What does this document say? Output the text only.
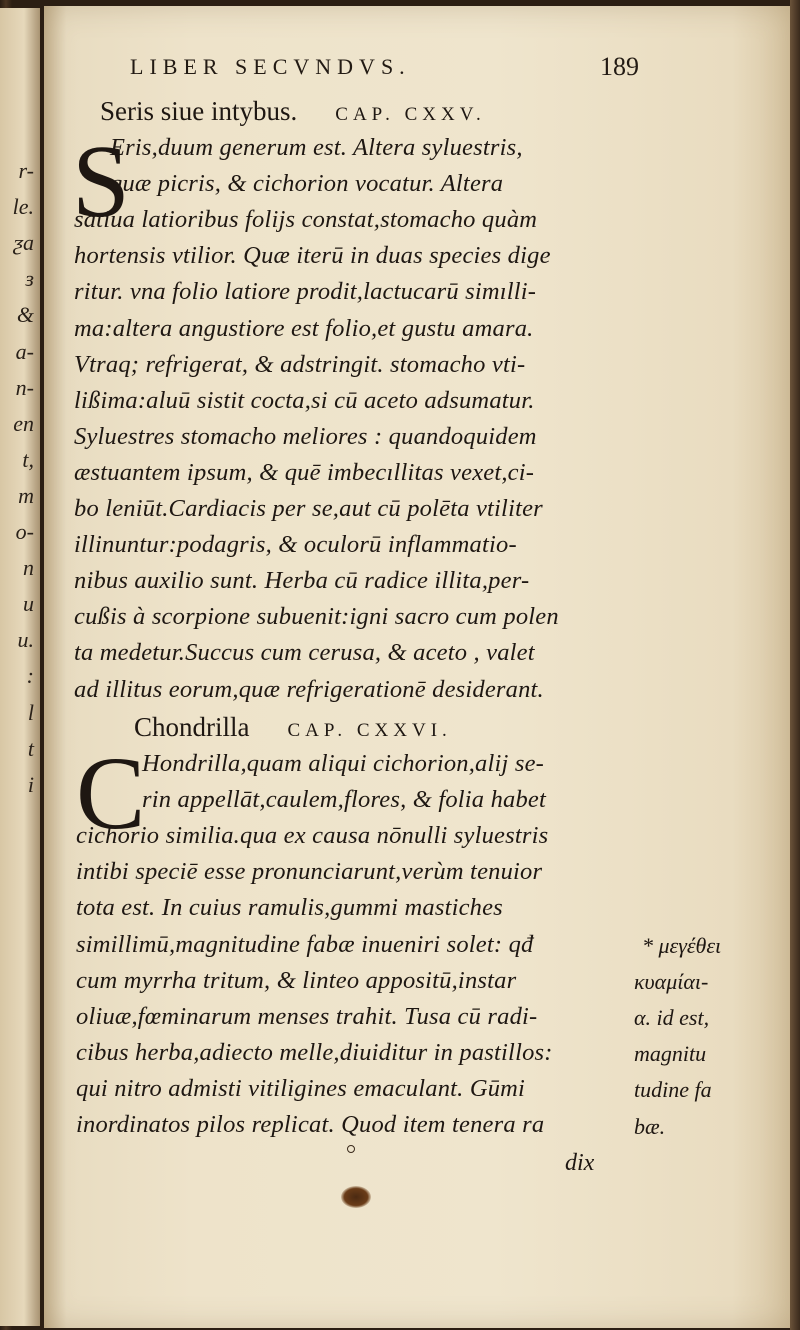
r-
le.
ƺa
ɜ
&
a-
n-
en
t,
m
o-
n
u
u.
:
l
t
i
LIBER SECVNDVS.	189
Seris siue intybus. CAP. CXXV.
S
Eris,duum generum est. Altera syluestris,
quæ picris, & cichorion vocatur. Altera
satiua latioribus folijs constat,stomacho quàm
hortensis vtilior. Quæ iterū in duas species dige
ritur. vna folio latiore prodit,lactucarū simılli-
ma:altera angustiore est folio,et gustu amara.
Vtraq; refrigerat, & adstringit. stomacho vti-
lißima:aluū sistit cocta,si cū aceto adsumatur.
Syluestres stomacho meliores : quandoquidem
æstuantem ipsum, & quē imbecıllitas vexet,ci-
bo leniūt.Cardiacis per se,aut cū polēta vtiliter
illinuntur:podagris, & oculorū inflammatio-
nibus auxilio sunt. Herba cū radice illita,per-
cußis à scorpione subuenit:igni sacro cum polen
ta medetur.Succus cum cerusa, & aceto , valet
ad illitus eorum,quæ refrigerationē desiderant.
Chondrilla CAP. CXXVI.
C
Hondrilla,quam aliqui cichorion,alij se-
rin appellāt,caulem,flores, & folia habet
cichorio similia.qua ex causa nōnulli syluestris
intibi speciē esse pronunciarunt,verùm tenuior
tota est. In cuius ramulis,gummi mastiches
simillimū,magnitudine fabæ inueniri solet: qđ
cum myrrha tritum, & linteo appositū,instar
oliuæ,fœminarum menses trahit. Tusa cū radi-
cibus herba,adiecto melle,diuiditur in pastillos:
qui nitro admisti vitiligines emaculant. Gūmi
inordinatos pilos replicat. Quod item tenera ra
* μεγέθει
κυαμίαι-
α. id est,
magnitu
tudine fa
bæ.
dix
